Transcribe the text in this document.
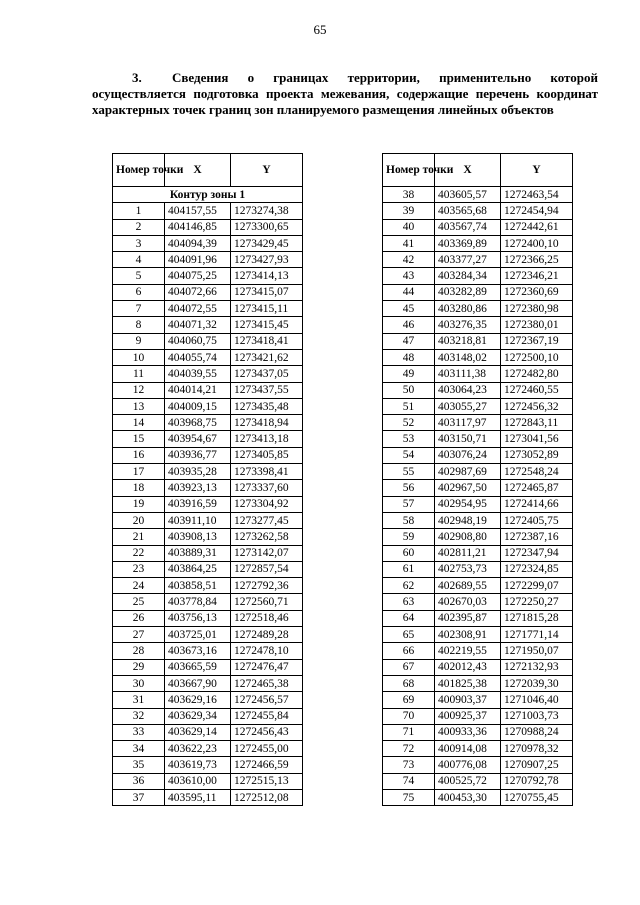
65
3. Сведения о границах территории, применительно которой осуществляется подготовка проекта межевания, содержащие перечень координат характерных точек границ зон планируемого размещения линейных объектов
Номер точки	X	Y
Контур зоны 1		
1	404157,55	1273274,38
2	404146,85	1273300,65
3	404094,39	1273429,45
4	404091,96	1273427,93
5	404075,25	1273414,13
6	404072,66	1273415,07
7	404072,55	1273415,11
8	404071,32	1273415,45
9	404060,75	1273418,41
10	404055,74	1273421,62
11	404039,55	1273437,05
12	404014,21	1273437,55
13	404009,15	1273435,48
14	403968,75	1273418,94
15	403954,67	1273413,18
16	403936,77	1273405,85
17	403935,28	1273398,41
18	403923,13	1273337,60
19	403916,59	1273304,92
20	403911,10	1273277,45
21	403908,13	1273262,58
22	403889,31	1273142,07
23	403864,25	1272857,54
24	403858,51	1272792,36
25	403778,84	1272560,71
26	403756,13	1272518,46
27	403725,01	1272489,28
28	403673,16	1272478,10
29	403665,59	1272476,47
30	403667,90	1272465,38
31	403629,16	1272456,57
32	403629,34	1272455,84
33	403629,14	1272456,43
34	403622,23	1272455,00
35	403619,73	1272466,59
36	403610,00	1272515,13
37	403595,11	1272512,08
Номер точки	X	Y
38	403605,57	1272463,54
39	403565,68	1272454,94
40	403567,74	1272442,61
41	403369,89	1272400,10
42	403377,27	1272366,25
43	403284,34	1272346,21
44	403282,89	1272360,69
45	403280,86	1272380,98
46	403276,35	1272380,01
47	403218,81	1272367,19
48	403148,02	1272500,10
49	403111,38	1272482,80
50	403064,23	1272460,55
51	403055,27	1272456,32
52	403117,97	1272843,11
53	403150,71	1273041,56
54	403076,24	1273052,89
55	402987,69	1272548,24
56	402967,50	1272465,87
57	402954,95	1272414,66
58	402948,19	1272405,75
59	402908,80	1272387,16
60	402811,21	1272347,94
61	402753,73	1272324,85
62	402689,55	1272299,07
63	402670,03	1272250,27
64	402395,87	1271815,28
65	402308,91	1271771,14
66	402219,55	1271950,07
67	402012,43	1272132,93
68	401825,38	1272039,30
69	400903,37	1271046,40
70	400925,37	1271003,73
71	400933,36	1270988,24
72	400914,08	1270978,32
73	400776,08	1270907,25
74	400525,72	1270792,78
75	400453,30	1270755,45
